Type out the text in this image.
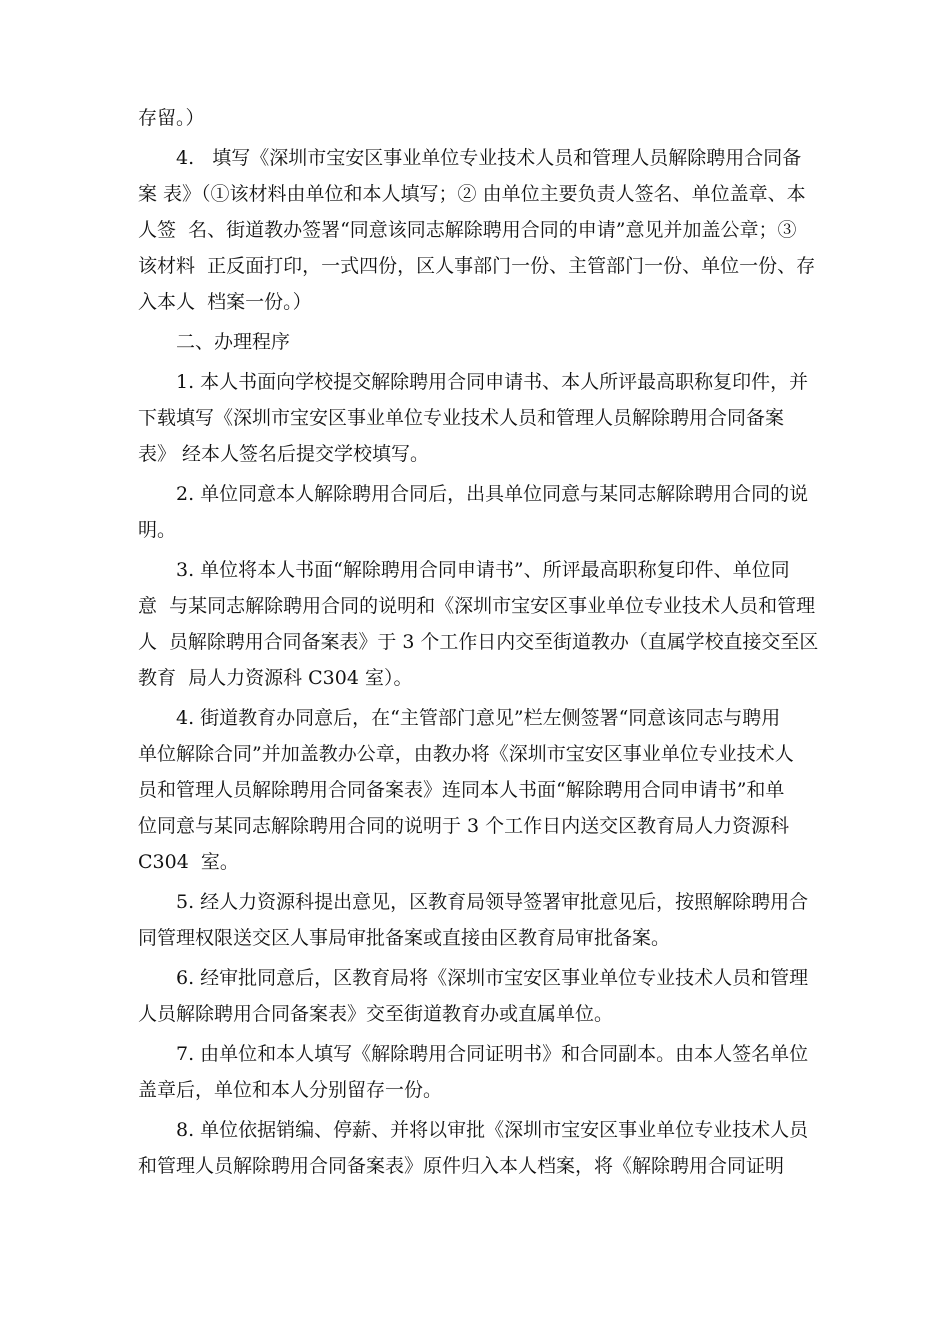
存留。）
4.   填写《深圳市宝安区事业单位专业技术人员和管理人员解除聘用合同备
案 表》（①该材料由单位和本人填写；② 由单位主要负责人签名、单位盖章、本
人签  名、街道教办签署“同意该同志解除聘用合同的申请”意见并加盖公章；③
该材料  正反面打印，一式四份，区人事部门一份、主管部门一份、单位一份、存
入本人  档案一份。）
二、办理程序
1. 本人书面向学校提交解除聘用合同申请书、本人所评最高职称复印件，并
下载填写《深圳市宝安区事业单位专业技术人员和管理人员解除聘用合同备案
表》 经本人签名后提交学校填写。
2. 单位同意本人解除聘用合同后，出具单位同意与某同志解除聘用合同的说
明。
3. 单位将本人书面“解除聘用合同申请书”、所评最高职称复印件、单位同
意  与某同志解除聘用合同的说明和《深圳市宝安区事业单位专业技术人员和管理
人  员解除聘用合同备案表》于 3 个工作日内交至街道教办（直属学校直接交至区
教育  局人力资源科 C304 室）。
4. 街道教育办同意后，在“主管部门意见”栏左侧签署“同意该同志与聘用
单位解除合同”并加盖教办公章，由教办将《深圳市宝安区事业单位专业技术人
员和管理人员解除聘用合同备案表》连同本人书面“解除聘用合同申请书”和单
位同意与某同志解除聘用合同的说明于 3 个工作日内送交区教育局人力资源科
C304  室。
5. 经人力资源科提出意见，区教育局领导签署审批意见后，按照解除聘用合
同管理权限送交区人事局审批备案或直接由区教育局审批备案。
6. 经审批同意后，区教育局将《深圳市宝安区事业单位专业技术人员和管理
人员解除聘用合同备案表》交至街道教育办或直属单位。
7. 由单位和本人填写《解除聘用合同证明书》和合同副本。由本人签名单位
盖章后，单位和本人分别留存一份。
8. 单位依据销编、停薪、并将以审批《深圳市宝安区事业单位专业技术人员
和管理人员解除聘用合同备案表》原件归入本人档案，将《解除聘用合同证明
